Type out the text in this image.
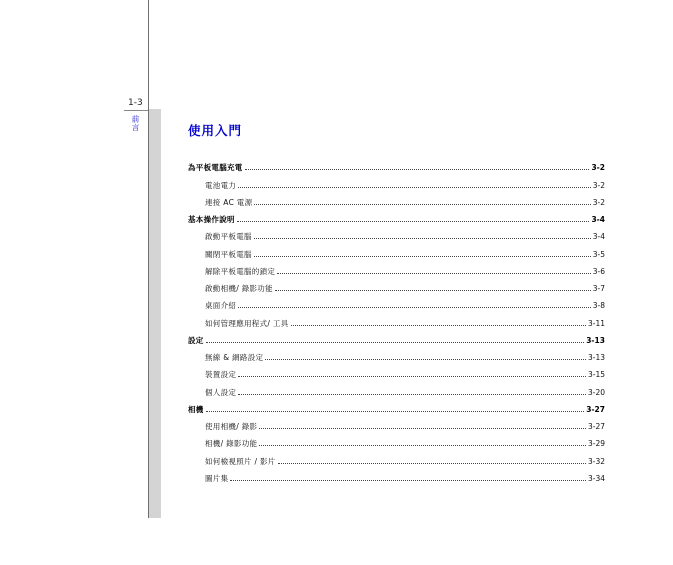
1-3
前言	使用入門
為平板電腦充電	3-2
電池電力	3-2
連接 AC 電源	3-2
基本操作說明	3-4
啟動平板電腦	3-4
關閉平板電腦	3-5
解除平板電腦的鎖定	3-6
啟動相機/ 錄影功能	3-7
桌面介紹	3-8
如何管理應用程式/ 工具	3-11
設定	3-13
無線 & 網路設定	3-13
裝置設定	3-15
個人設定	3-20
相機	3-27
使用相機/ 錄影	3-27
相機/ 錄影功能	3-29
如何檢視照片 / 影片	3-32
圖片集	3-34
